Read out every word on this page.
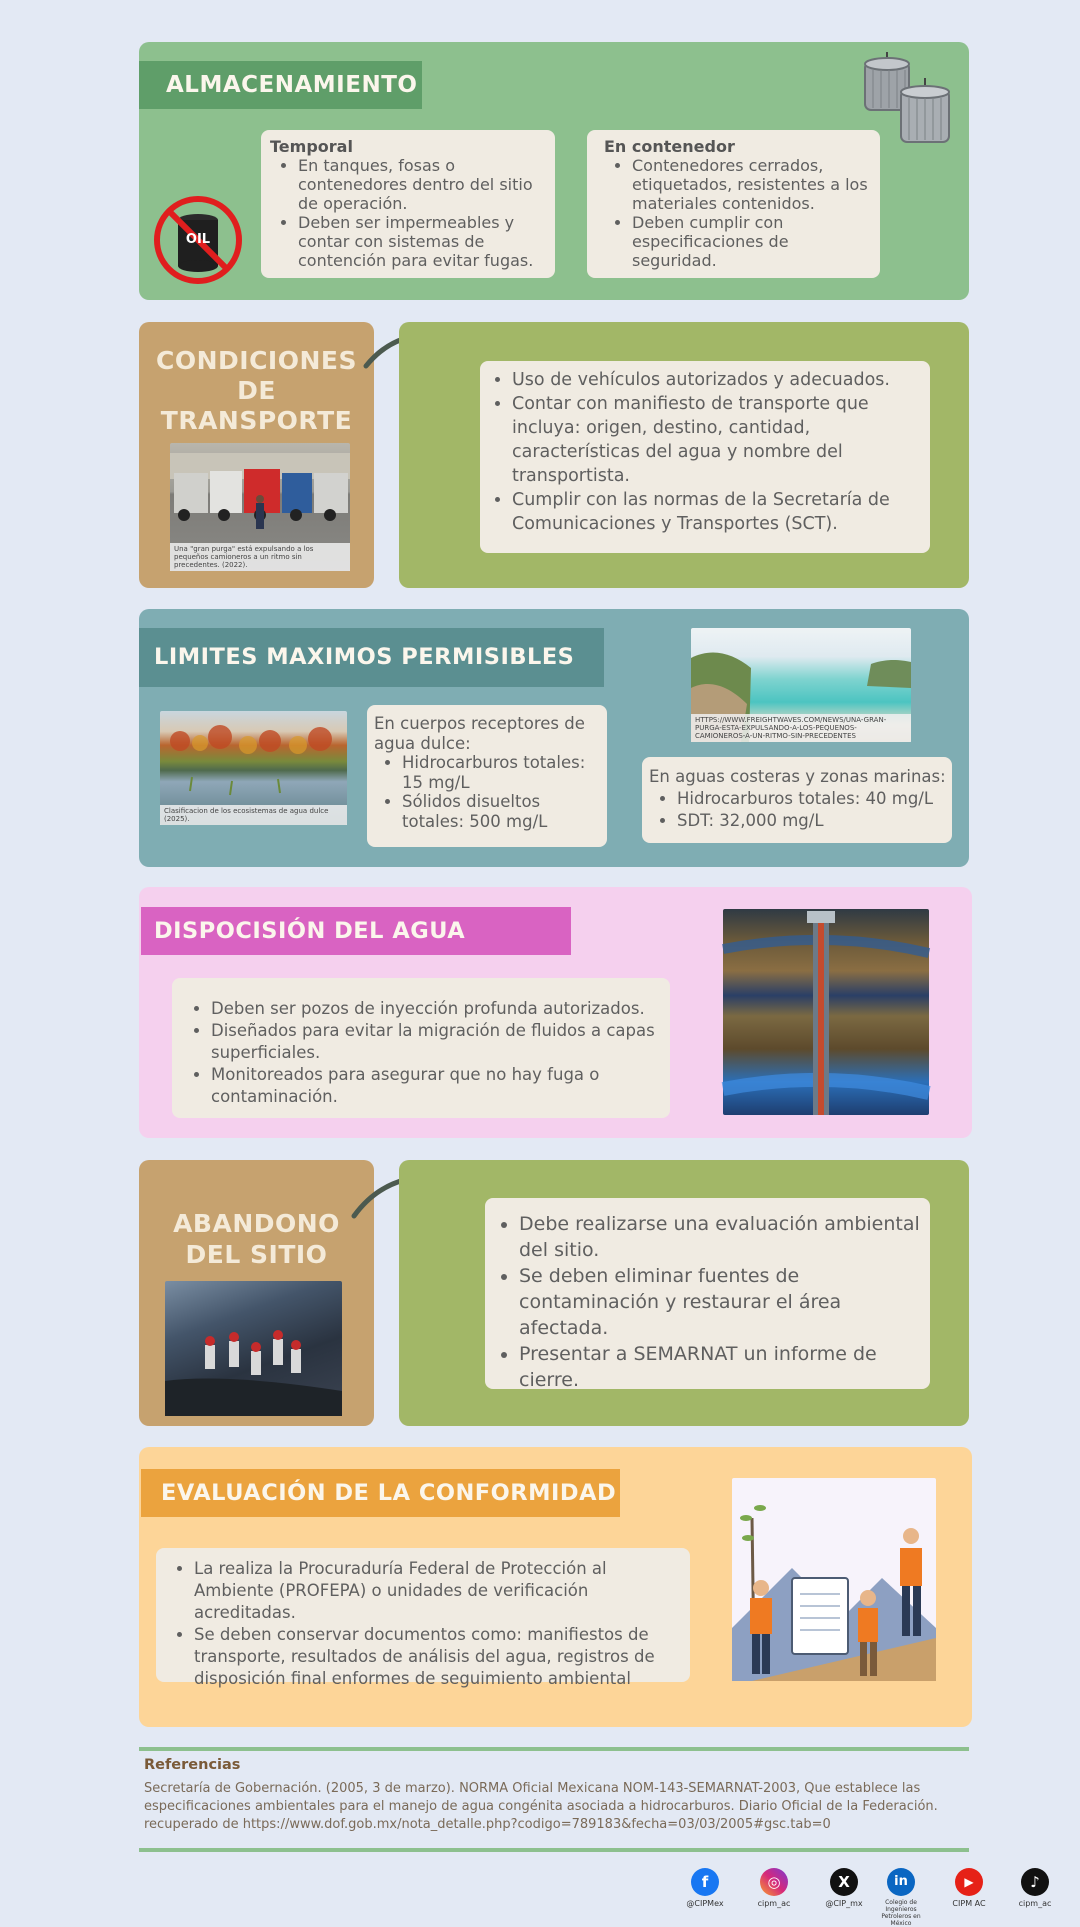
ALMACENAMIENTO
OIL
Temporal
• En tanques, fosas o contenedores dentro del sitio de operación.
• Deben ser impermeables y contar con sistemas de contención para evitar fugas.
En contenedor
• Contenedores cerrados, etiquetados, resistentes a los materiales contenidos.
• Deben cumplir con especificaciones de seguridad.
CONDICIONES
DE
TRANSPORTE
Una "gran purga" está expulsando a los pequeños camioneros a un ritmo sin precedentes. (2022).
• Uso de vehículos autorizados y adecuados.
• Contar con manifiesto de transporte que incluya: origen, destino, cantidad, características del agua y nombre del transportista.
• Cumplir con las normas de la Secretaría de Comunicaciones y Transportes (SCT).
LIMITES MAXIMOS PERMISIBLES
Clasificacion de los ecosistemas de agua dulce (2025).
En cuerpos receptores de agua dulce:
• Hidrocarburos totales: 15 mg/L
• Sólidos disueltos totales: 500 mg/L
HTTPS://WWW.FREIGHTWAVES.COM/NEWS/UNA-GRAN-PURGA-ESTA-EXPULSANDO-A-LOS-PEQUENOS-CAMIONEROS-A-UN-RITMO-SIN-PRECEDENTES
En aguas costeras y zonas marinas:
• Hidrocarburos totales: 40 mg/L
• SDT: 32,000 mg/L
DISPOCISIÓN DEL AGUA
• Deben ser pozos de inyección profunda autorizados.
• Diseñados para evitar la migración de fluidos a capas superficiales.
• Monitoreados para asegurar que no hay fuga o contaminación.
ABANDONO
DEL SITIO
• Debe realizarse una evaluación ambiental del sitio.
• Se deben eliminar fuentes de contaminación y restaurar el área afectada.
• Presentar a SEMARNAT un informe de cierre.
EVALUACIÓN DE LA CONFORMIDAD
• La realiza la Procuraduría Federal de Protección al Ambiente (PROFEPA) o unidades de verificación acreditadas.
• Se deben conservar documentos como: manifiestos de transporte, resultados de análisis del agua, registros de disposición final enformes de seguimiento ambiental
Referencias
Secretaría de Gobernación. (2005, 3 de marzo). NORMA Oficial Mexicana NOM-143-SEMARNAT-2003, Que establece las especificaciones ambientales para el manejo de agua congénita asociada a hidrocarburos. Diario Oficial de la Federación. recuperado de https://www.dof.gob.mx/nota_detalle.php?codigo=789183&fecha=03/03/2005#gsc.tab=0
f
@CIPMex
◎
cipm_ac
X
@CIP_mx
in
Colegio de Ingenieros Petroleros en México
▶
CIPM AC
♪
cipm_ac
